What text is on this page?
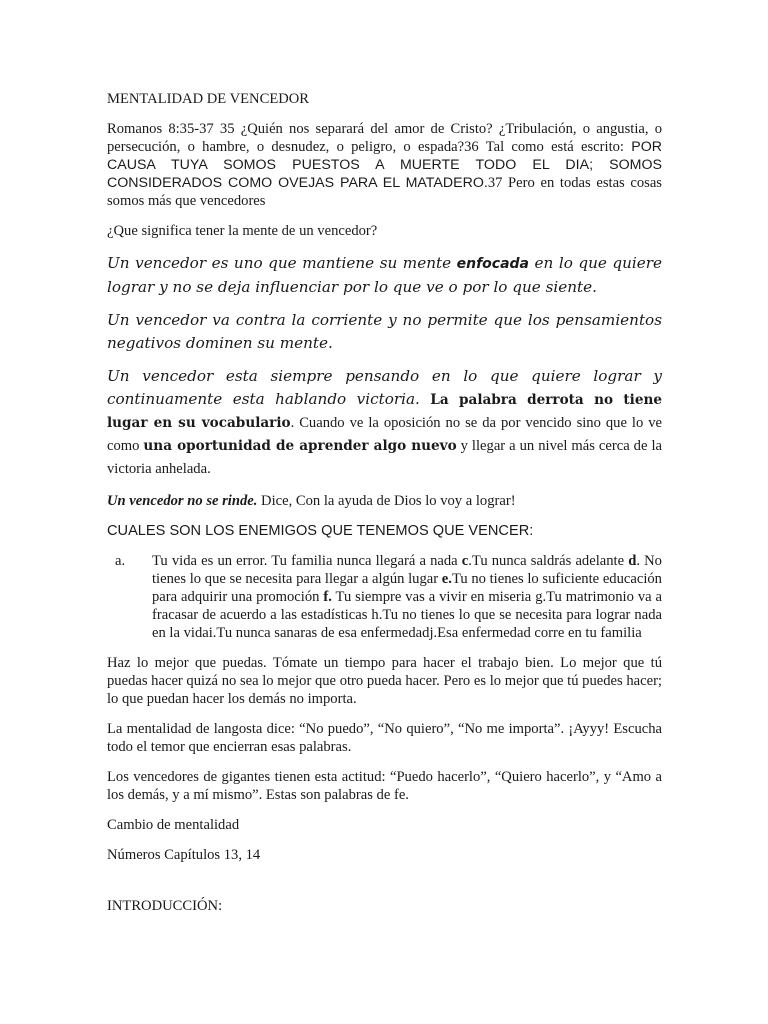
MENTALIDAD DE VENCEDOR

Romanos 8:35-37 35 ¿Quién nos separará del amor de Cristo? ¿Tribulación, o angustia, o persecución, o hambre, o desnudez, o peligro, o espada?36 Tal como está escrito: POR CAUSA TUYA SOMOS PUESTOS A MUERTE TODO EL DIA; SOMOS CONSIDERADOS COMO OVEJAS PARA EL MATADERO.37 Pero en todas estas cosas somos más que vencedores

¿Que significa tener la mente de un vencedor?

Un vencedor es uno que mantiene su mente enfocada en lo que quiere lograr y no se deja influenciar por lo que ve o por lo que siente.

Un vencedor va contra la corriente y no permite que los pensamientos negativos dominen su mente.

Un vencedor esta siempre pensando en lo que quiere lograr y continuamente esta hablando victoria. La palabra derrota no tiene lugar en su vocabulario. Cuando ve la oposición no se da por vencido sino que lo ve como una oportunidad de aprender algo nuevo y llegar a un nivel más cerca de la victoria anhelada.

Un vencedor no se rinde. Dice, Con la ayuda de Dios lo voy a lograr!

CUALES SON LOS ENEMIGOS QUE TENEMOS QUE VENCER:

a. Tu vida es un error. Tu familia nunca llegará a nada c.Tu nunca saldrás adelante d. No tienes lo que se necesita para llegar a algún lugar e.Tu no tienes lo suficiente educación para adquirir una promoción f. Tu siempre vas a vivir en miseria g.Tu matrimonio va a fracasar de acuerdo a las estadísticas h.Tu no tienes lo que se necesita para lograr nada en la vidai.Tu nunca sanaras de esa enfermedadj.Esa enfermedad corre en tu familia

Haz lo mejor que puedas. Tómate un tiempo para hacer el trabajo bien. Lo mejor que tú puedas hacer quizá no sea lo mejor que otro pueda hacer. Pero es lo mejor que tú puedes hacer; lo que puedan hacer los demás no importa.

La mentalidad de langosta dice: “No puedo”, “No quiero”, “No me importa”. ¡Ayyy! Escucha todo el temor que encierran esas palabras.

Los vencedores de gigantes tienen esta actitud: “Puedo hacerlo”, “Quiero hacerlo”, y “Amo a los demás, y a mí mismo”. Estas son palabras de fe.

Cambio de mentalidad

Números Capítulos 13, 14

INTRODUCCIÓN:
